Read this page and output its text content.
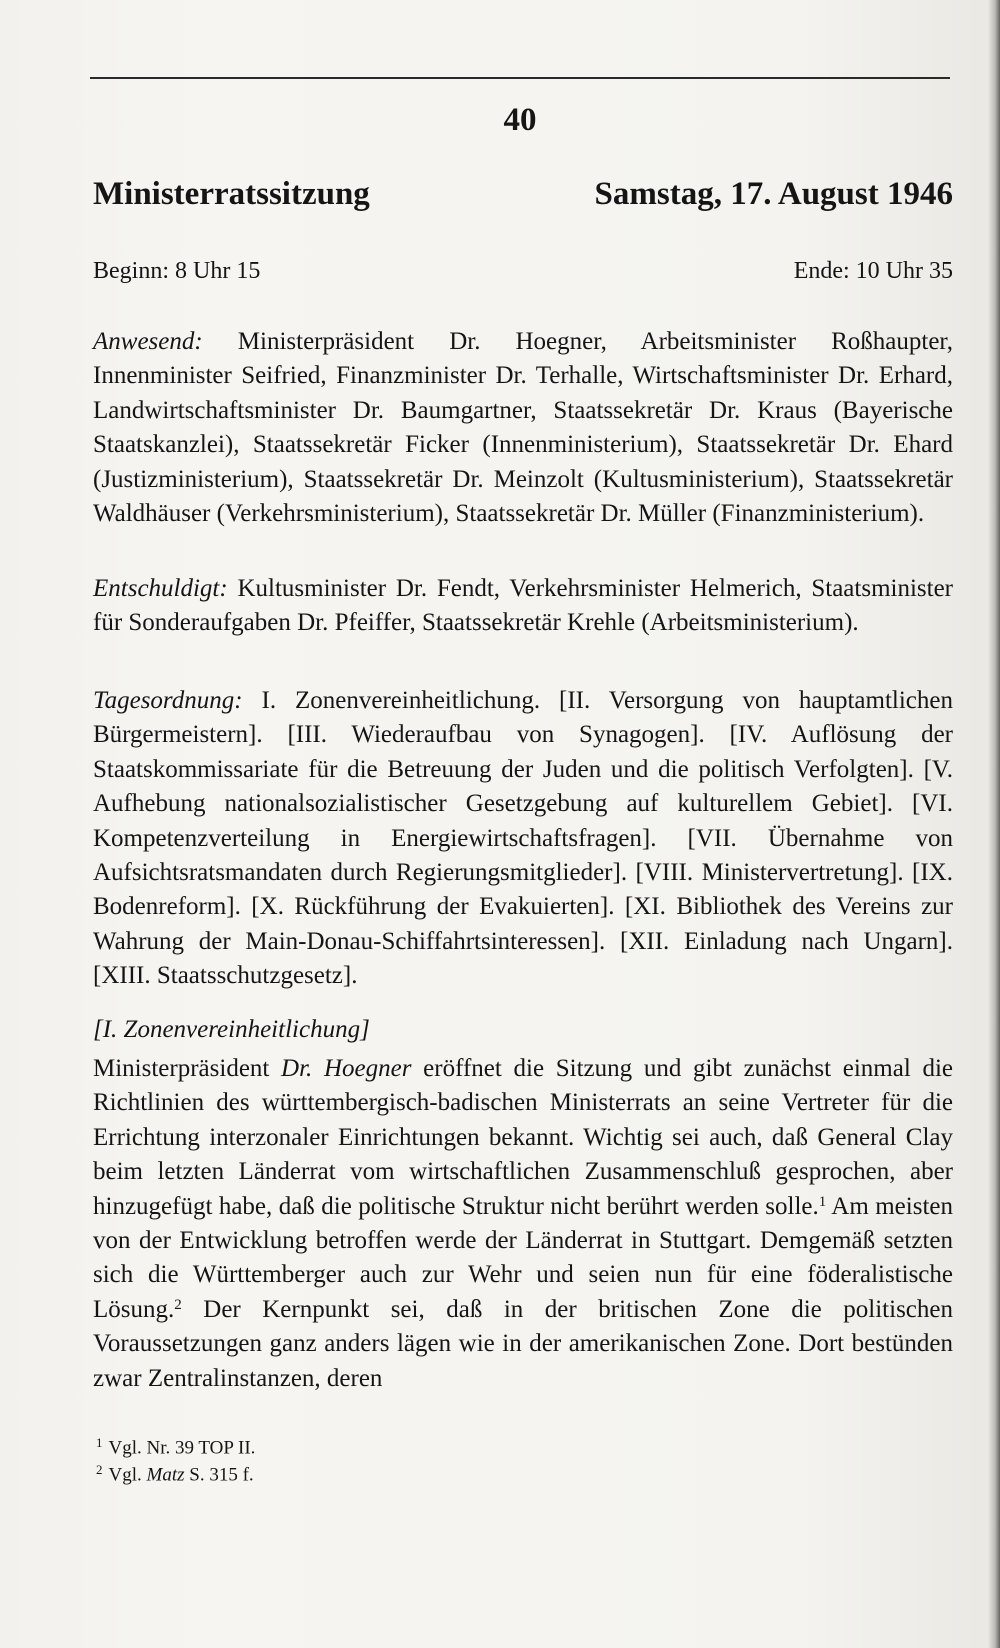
40
Ministerratssitzung	Samstag, 17. August 1946
Beginn: 8 Uhr 15	Ende: 10 Uhr 35
Anwesend: Ministerpräsident Dr. Hoegner, Arbeitsminister Roßhaupter, Innenminister Seifried, Finanzminister Dr. Terhalle, Wirtschaftsminister Dr. Erhard, Landwirtschaftsminister Dr. Baumgartner, Staatssekretär Dr. Kraus (Bayerische Staatskanzlei), Staatssekretär Ficker (Innenministerium), Staatssekretär Dr. Ehard (Justizministerium), Staatssekretär Dr. Meinzolt (Kultusministerium), Staatssekretär Waldhäuser (Verkehrsministerium), Staatssekretär Dr. Müller (Finanzministerium).
Entschuldigt: Kultusminister Dr. Fendt, Verkehrsminister Helmerich, Staatsminister für Sonderaufgaben Dr. Pfeiffer, Staatssekretär Krehle (Arbeitsministerium).
Tagesordnung: I. Zonenvereinheitlichung. [II. Versorgung von hauptamtlichen Bürgermeistern]. [III. Wiederaufbau von Synagogen]. [IV. Auflösung der Staatskommissariate für die Betreuung der Juden und die politisch Verfolgten]. [V. Aufhebung nationalsozialistischer Gesetzgebung auf kulturellem Gebiet]. [VI. Kompetenzverteilung in Energiewirtschaftsfragen]. [VII. Übernahme von Aufsichtsratsmandaten durch Regierungsmitglieder]. [VIII. Ministervertretung]. [IX. Bodenreform]. [X. Rückführung der Evakuierten]. [XI. Bibliothek des Vereins zur Wahrung der Main-Donau-Schiffahrtsinteressen]. [XII. Einladung nach Ungarn]. [XIII. Staatsschutzgesetz].
[I. Zonenvereinheitlichung]
Ministerpräsident Dr. Hoegner eröffnet die Sitzung und gibt zunächst einmal die Richtlinien des württembergisch-badischen Ministerrats an seine Vertreter für die Errichtung interzonaler Einrichtungen bekannt. Wichtig sei auch, daß General Clay beim letzten Länderrat vom wirtschaftlichen Zusammenschluß gesprochen, aber hinzugefügt habe, daß die politische Struktur nicht berührt werden solle.$^1$ Am meisten von der Entwicklung betroffen werde der Länderrat in Stuttgart. Demgemäß setzten sich die Württemberger auch zur Wehr und seien nun für eine föderalistische Lösung.$^2$ Der Kernpunkt sei, daß in der britischen Zone die politischen Voraussetzungen ganz anders lägen wie in der amerikanischen Zone. Dort bestünden zwar Zentralinstanzen, deren
$^1$ Vgl. Nr. 39 TOP II.
$^2$ Vgl. Matz S. 315 f.
